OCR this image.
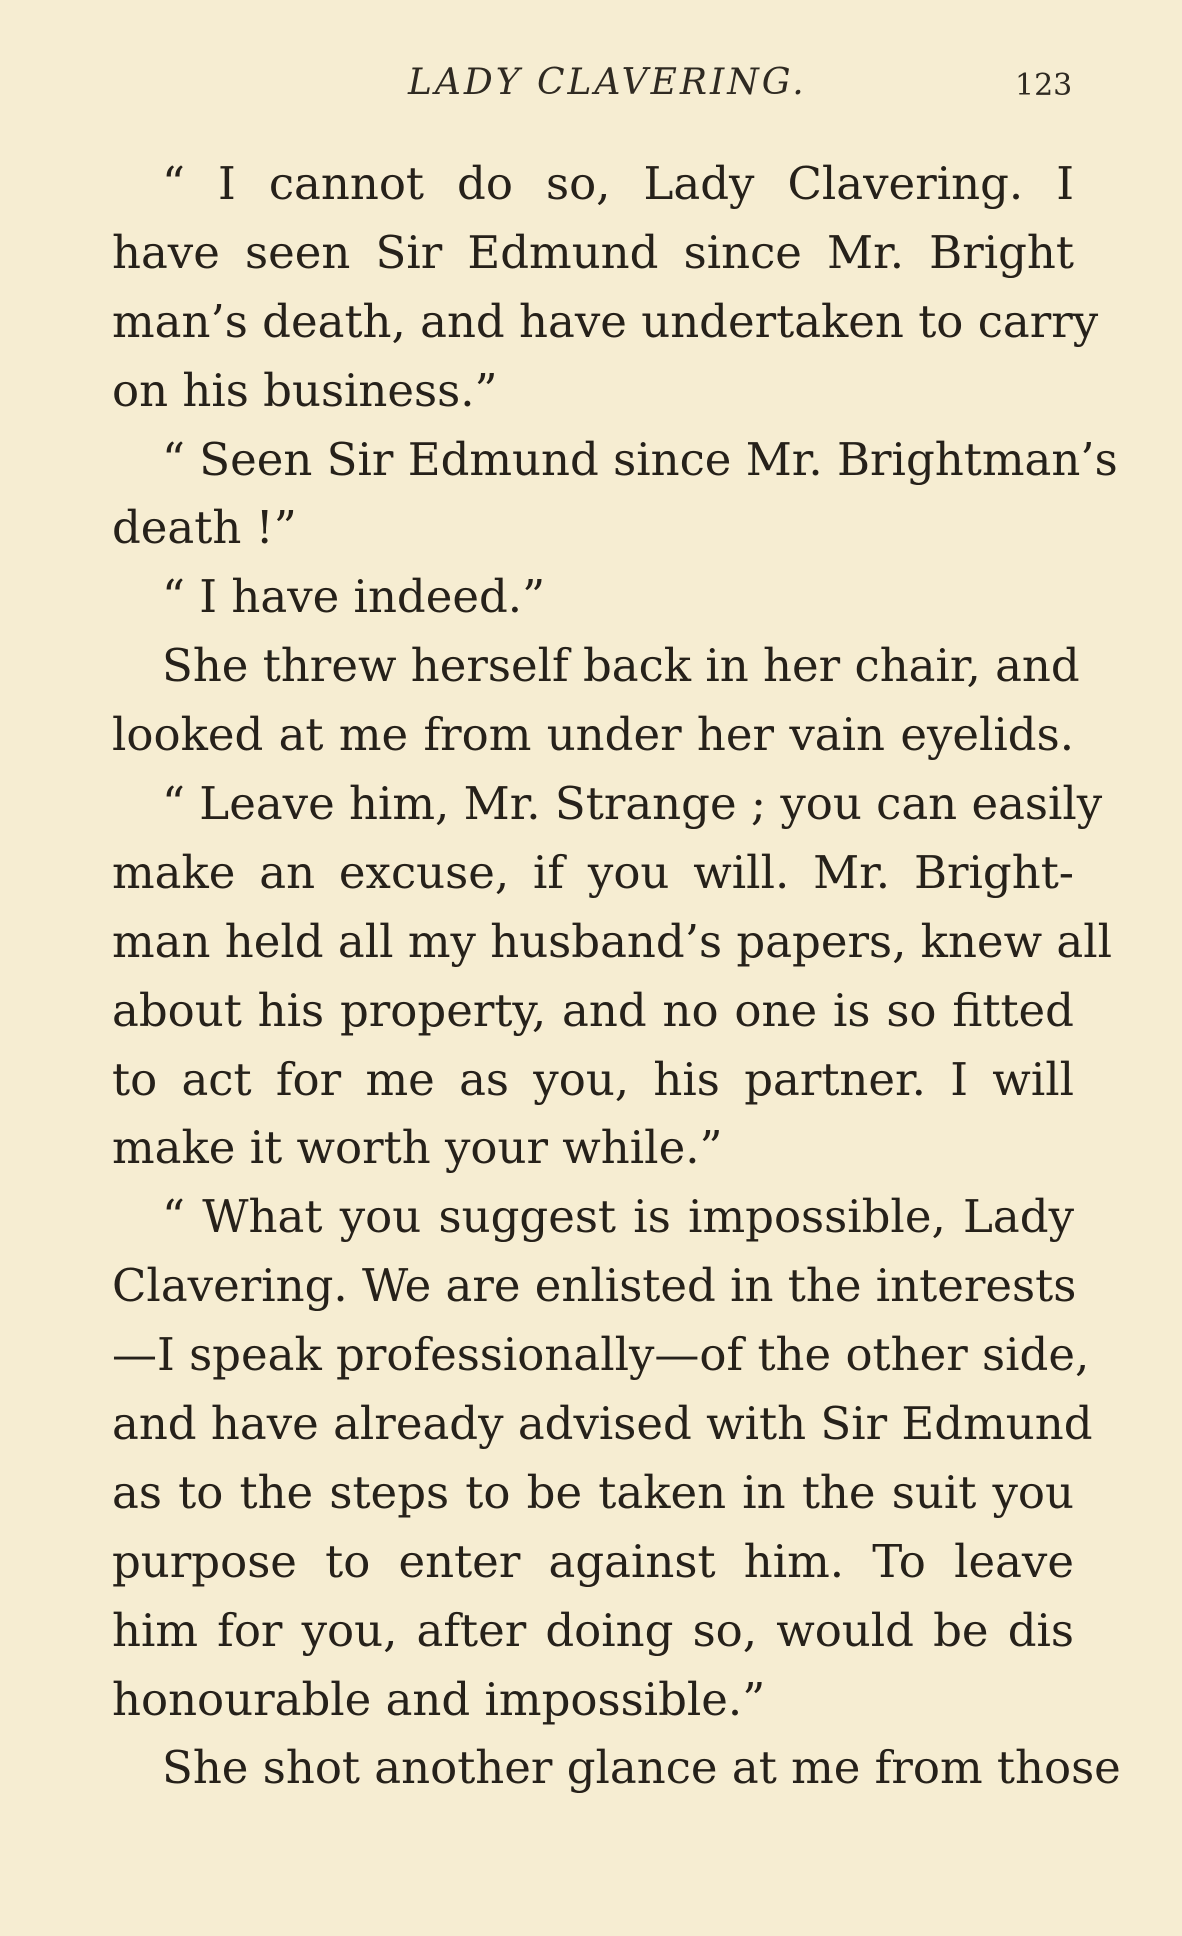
LADY CLAVERING.	123
“ I cannot do so, Lady Clavering. I
have seen Sir Edmund since Mr. Bright
man’s death, and have undertaken to carry
on his business.”
“ Seen Sir Edmund since Mr. Brightman’s
death !”
“ I have indeed.”
She threw herself back in her chair, and
looked at me from under her vain eyelids.
“ Leave him, Mr. Strange ; you can easily
make an excuse, if you will. Mr. Bright-
man held all my husband’s papers, knew all
about his property, and no one is so fitted
to act for me as you, his partner. I will
make it worth your while.”
“ What you suggest is impossible, Lady
Clavering. We are enlisted in the interests
—I speak professionally—of the other side,
and have already advised with Sir Edmund
as to the steps to be taken in the suit you
purpose to enter against him. To leave
him for you, after doing so, would be dis
honourable and impossible.”
She shot another glance at me from those
